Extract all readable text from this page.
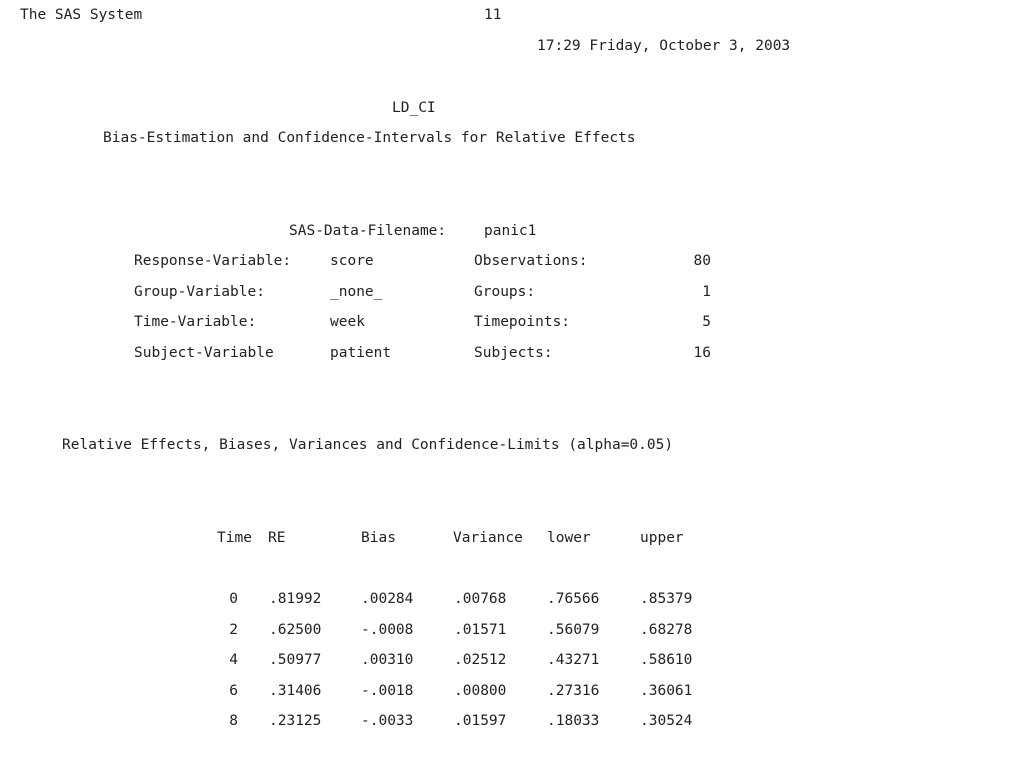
The SAS System	11
17:29 Friday, October 3, 2003
LD_CI
Bias-Estimation and Confidence-Intervals for Relative Effects
SAS-Data-Filename:	panic1
Response-Variable:	score	Observations:	80
Group-Variable:	_none_	Groups:	1
Time-Variable:	week	Timepoints:	5
Subject-Variable	patient	Subjects:	16
Relative Effects, Biases, Variances and Confidence-Limits (alpha=0.05)
Time RE	Bias	Variance lower	upper
0 .81992	.00284	.00768	.76566	.85379
2 .62500	-.0008	.01571	.56079	.68278
4 .50977	.00310	.02512	.43271	.58610
6 .31406	-.0018	.00800	.27316	.36061
8 .23125	-.0033	.01597	.18033	.30524
